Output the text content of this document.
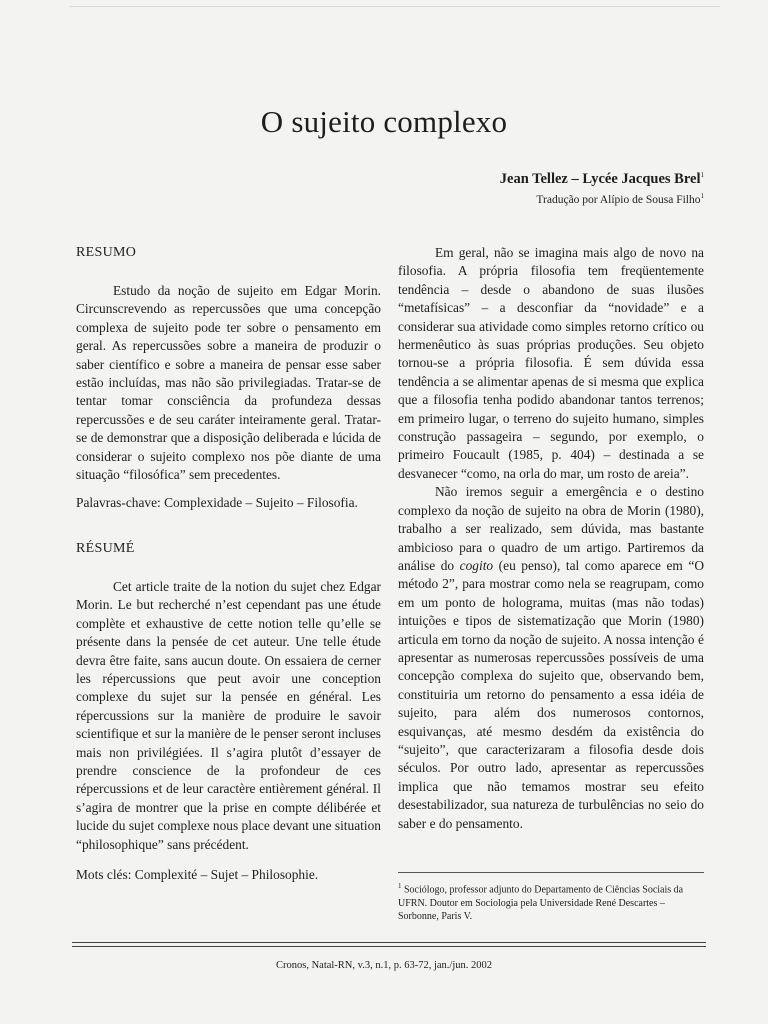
O sujeito complexo

Jean Tellez – Lycée Jacques Brel$^1$

Tradução por Alípio de Sousa Filho$^1$

RESUMO

Estudo da noção de sujeito em Edgar Morin. Circunscrevendo as repercussões que uma concepção complexa de sujeito pode ter sobre o pensamento em geral. As repercussões sobre a maneira de produzir o saber científico e sobre a maneira de pensar esse saber estão incluídas, mas não são privilegiadas. Tratar-se de tentar tomar consciência da profundeza dessas repercussões e de seu caráter inteiramente geral. Tratar-se de demonstrar que a disposição deliberada e lúcida de considerar o sujeito complexo nos põe diante de uma situação “filosófica” sem precedentes.

Palavras-chave: Complexidade – Sujeito – Filosofia.

RÉSUMÉ

Cet article traite de la notion du sujet chez Edgar Morin. Le but recherché n’est cependant pas une étude complète et exhaustive de cette notion telle qu’elle se présente dans la pensée de cet auteur. Une telle étude devra être faite, sans aucun doute. On essaiera de cerner les répercussions que peut avoir une conception complexe du sujet sur la pensée en général. Les répercussions sur la manière de produire le savoir scientifique et sur la manière de le penser seront incluses mais non privilégiées. Il s’agira plutôt d’essayer de prendre conscience de la profondeur de ces répercussions et de leur caractère entièrement général. Il s’agira de montrer que la prise en compte délibérée et lucide du sujet complexe nous place devant une situation “philosophique” sans précédent.

Mots clés: Complexité – Sujet – Philosophie.

Em geral, não se imagina mais algo de novo na filosofia. A própria filosofia tem freqüentemente tendência – desde o abandono de suas ilusões “metafísicas” – a desconfiar da “novidade” e a considerar sua atividade como simples retorno crítico ou hermenêutico às suas próprias produções. Seu objeto tornou-se a própria filosofia. É sem dúvida essa tendência a se alimentar apenas de si mesma que explica que a filosofia tenha podido abandonar tantos terrenos; em primeiro lugar, o terreno do sujeito humano, simples construção passageira – segundo, por exemplo, o primeiro Foucault (1985, p. 404) – destinada a se desvanecer “como, na orla do mar, um rosto de areia”.

Não iremos seguir a emergência e o destino complexo da noção de sujeito na obra de Morin (1980), trabalho a ser realizado, sem dúvida, mas bastante ambicioso para o quadro de um artigo. Partiremos da análise do cogito (eu penso), tal como aparece em “O método 2”, para mostrar como nela se reagrupam, como em um ponto de holograma, muitas (mas não todas) intuições e tipos de sistematização que Morin (1980) articula em torno da noção de sujeito. A nossa intenção é apresentar as numerosas repercussões possíveis de uma concepção complexa do sujeito que, observando bem, constituiria um retorno do pensamento a essa idéia de sujeito, para além dos numerosos contornos, esquivanças, até mesmo desdém da existência do “sujeito”, que caracterizaram a filosofia desde dois séculos. Por outro lado, apresentar as repercussões implica que não temamos mostrar seu efeito desestabilizador, sua natureza de turbulências no seio do saber e do pensamento.

$^1$ Sociólogo, professor adjunto do Departamento de Ciências Sociais da UFRN. Doutor em Sociologia pela Universidade René Descartes – Sorbonne, Paris V.

Cronos, Natal-RN, v.3, n.1, p. 63-72, jan./jun. 2002
